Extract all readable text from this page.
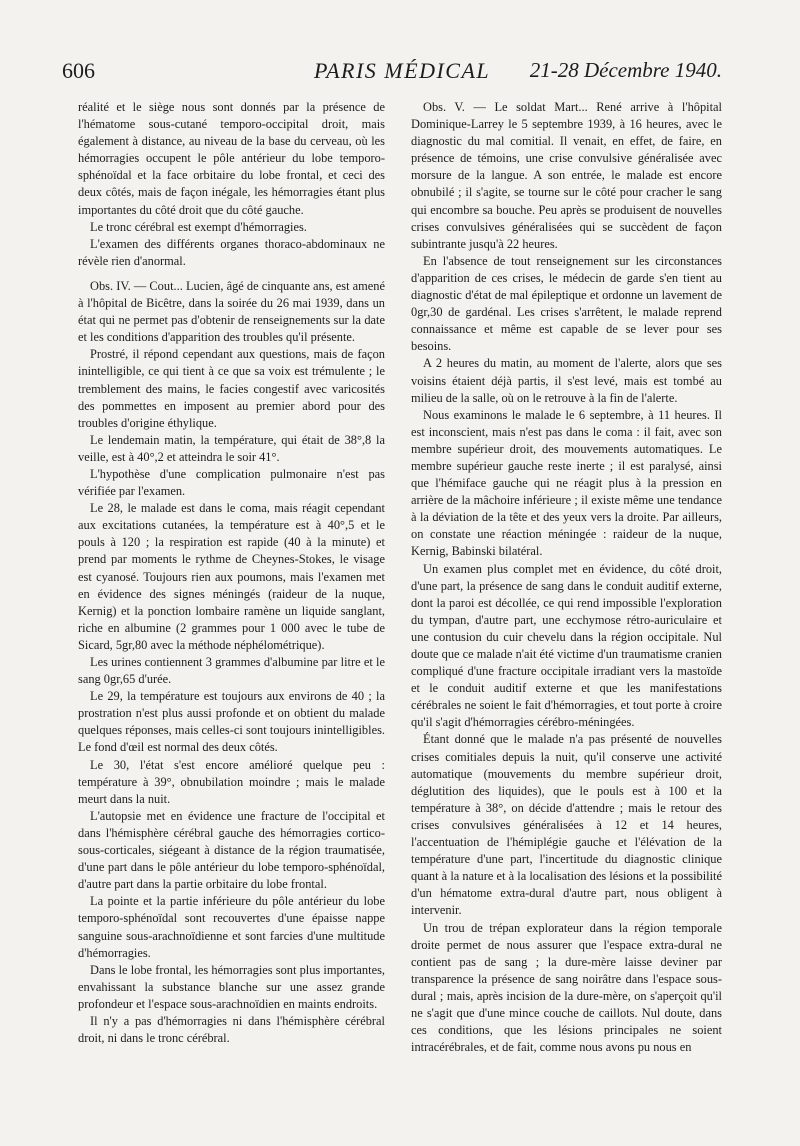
606	PARIS MÉDICAL 21-28 Décembre 1940.

réalité et le siège nous sont donnés par la présence de l'hématome sous-cutané temporo-occipital droit, mais également à distance, au niveau de la base du cerveau, où les hémorragies occupent le pôle antérieur du lobe temporo-sphénoïdal et la face orbitaire du lobe frontal, et ceci des deux côtés, mais de façon inégale, les hémorragies étant plus importantes du côté droit que du côté gauche.

Le tronc cérébral est exempt d'hémorragies.

L'examen des différents organes thoraco-abdominaux ne révèle rien d'anormal.

Obs. IV. — Cout... Lucien, âgé de cinquante ans, est amené à l'hôpital de Bicêtre, dans la soirée du 26 mai 1939, dans un état qui ne permet pas d'obtenir de renseignements sur la date et les conditions d'apparition des troubles qu'il présente.

Prostré, il répond cependant aux questions, mais de façon inintelligible, ce qui tient à ce que sa voix est trémulente ; le tremblement des mains, le facies congestif avec varicosités des pommettes en imposent au premier abord pour des troubles d'origine éthylique.

Le lendemain matin, la température, qui était de 38°,8 la veille, est à 40°,2 et atteindra le soir 41°.

L'hypothèse d'une complication pulmonaire n'est pas vérifiée par l'examen.

Le 28, le malade est dans le coma, mais réagit cependant aux excitations cutanées, la température est à 40°,5 et le pouls à 120 ; la respiration est rapide (40 à la minute) et prend par moments le rythme de Cheynes-Stokes, le visage est cyanosé. Toujours rien aux poumons, mais l'examen met en évidence des signes méningés (raideur de la nuque, Kernig) et la ponction lombaire ramène un liquide sanglant, riche en albumine (2 grammes pour 1 000 avec le tube de Sicard, 5gr,80 avec la méthode néphélométrique).

Les urines contiennent 3 grammes d'albumine par litre et le sang 0gr,65 d'urée.

Le 29, la température est toujours aux environs de 40 ; la prostration n'est plus aussi profonde et on obtient du malade quelques réponses, mais celles-ci sont toujours inintelligibles. Le fond d'œil est normal des deux côtés.

Le 30, l'état s'est encore amélioré quelque peu : température à 39°, obnubilation moindre ; mais le malade meurt dans la nuit.

L'autopsie met en évidence une fracture de l'occipital et dans l'hémisphère cérébral gauche des hémorragies cortico-sous-corticales, siégeant à distance de la région traumatisée, d'une part dans le pôle antérieur du lobe temporo-sphénoïdal, d'autre part dans la partie orbitaire du lobe frontal.

La pointe et la partie inférieure du pôle antérieur du lobe temporo-sphénoïdal sont recouvertes d'une épaisse nappe sanguine sous-arachnoïdienne et sont farcies d'une multitude d'hémorragies.

Dans le lobe frontal, les hémorragies sont plus importantes, envahissant la substance blanche sur une assez grande profondeur et l'espace sous-arachnoïdien en maints endroits.

Il n'y a pas d'hémorragies ni dans l'hémisphère cérébral droit, ni dans le tronc cérébral.

Obs. V. — Le soldat Mart... René arrive à l'hôpital Dominique-Larrey le 5 septembre 1939, à 16 heures, avec le diagnostic du mal comitial. Il venait, en effet, de faire, en présence de témoins, une crise convulsive généralisée avec morsure de la langue. A son entrée, le malade est encore obnubilé ; il s'agite, se tourne sur le côté pour cracher le sang qui encombre sa bouche. Peu après se produisent de nouvelles crises convulsives généralisées qui se succèdent de façon subintrante jusqu'à 22 heures.

En l'absence de tout renseignement sur les circonstances d'apparition de ces crises, le médecin de garde s'en tient au diagnostic d'état de mal épileptique et ordonne un lavement de 0gr,30 de gardénal. Les crises s'arrêtent, le malade reprend connaissance et même est capable de se lever pour ses besoins.

A 2 heures du matin, au moment de l'alerte, alors que ses voisins étaient déjà partis, il s'est levé, mais est tombé au milieu de la salle, où on le retrouve à la fin de l'alerte.

Nous examinons le malade le 6 septembre, à 11 heures. Il est inconscient, mais n'est pas dans le coma : il fait, avec son membre supérieur droit, des mouvements automatiques. Le membre supérieur gauche reste inerte ; il est paralysé, ainsi que l'hémiface gauche qui ne réagit plus à la pression en arrière de la mâchoire inférieure ; il existe même une tendance à la déviation de la tête et des yeux vers la droite. Par ailleurs, on constate une réaction méningée : raideur de la nuque, Kernig, Babinski bilatéral.

Un examen plus complet met en évidence, du côté droit, d'une part, la présence de sang dans le conduit auditif externe, dont la paroi est décollée, ce qui rend impossible l'exploration du tympan, d'autre part, une ecchymose rétro-auriculaire et une contusion du cuir chevelu dans la région occipitale. Nul doute que ce malade n'ait été victime d'un traumatisme cranien compliqué d'une fracture occipitale irradiant vers la mastoïde et le conduit auditif externe et que les manifestations cérébrales ne soient le fait d'hémorragies, et tout porte à croire qu'il s'agit d'hémorragies cérébro-méningées.

Étant donné que le malade n'a pas présenté de nouvelles crises comitiales depuis la nuit, qu'il conserve une activité automatique (mouvements du membre supérieur droit, déglutition des liquides), que le pouls est à 100 et la température à 38°, on décide d'attendre ; mais le retour des crises convulsives généralisées à 12 et 14 heures, l'accentuation de l'hémiplégie gauche et l'élévation de la température d'une part, l'incertitude du diagnostic clinique quant à la nature et à la localisation des lésions et la possibilité d'un hématome extra-dural d'autre part, nous obligent à intervenir.

Un trou de trépan explorateur dans la région temporale droite permet de nous assurer que l'espace extra-dural ne contient pas de sang ; la dure-mère laisse deviner par transparence la présence de sang noirâtre dans l'espace sous-dural ; mais, après incision de la dure-mère, on s'aperçoit qu'il ne s'agit que d'une mince couche de caillots. Nul doute, dans ces conditions, que les lésions principales ne soient intracérébrales, et de fait, comme nous avons pu nous en
